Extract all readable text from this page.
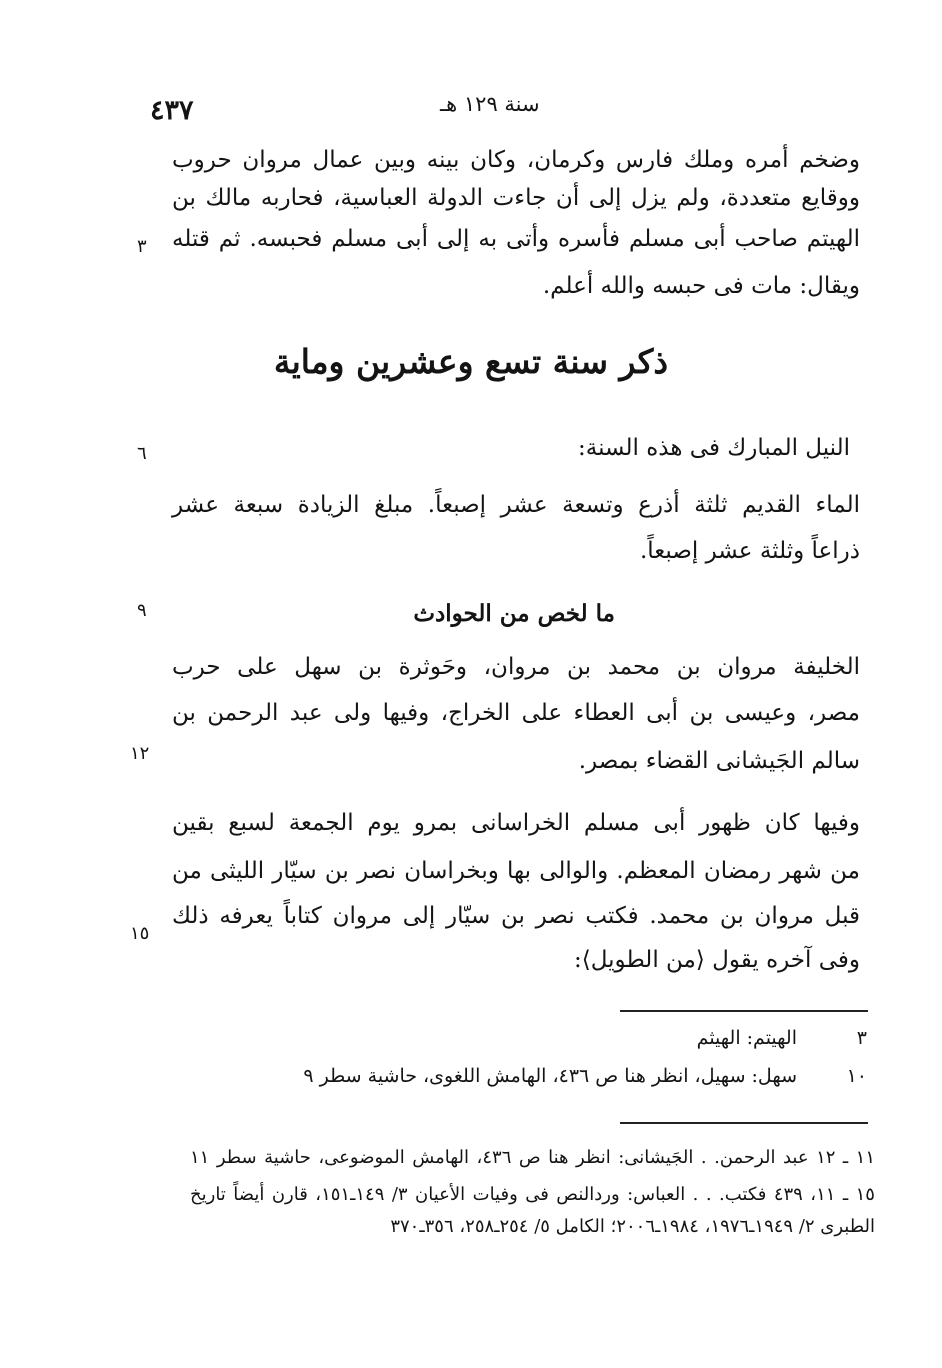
٤٣٧	سنة ١٢٩ هـ
وضخم أمره وملك فارس وكرمان، وكان بينه وبين عمال مروان حروب
ووقايع متعددة، ولم يزل إلى أن جاءت الدولة العباسية، فحاربه مالك بن
الهيتم صاحب أبى مسلم فأسره وأتى به إلى أبى مسلم فحبسه. ثم قتله
ويقال: مات فى حبسه والله أعلم.
ذكر سنة تسع وعشرين وماية
النيل المبارك فى هذه السنة:
الماء القديم ثلثة أذرع وتسعة عشر إصبعاً. مبلغ الزيادة سبعة عشر
ذراعاً وثلثة عشر إصبعاً.
ما لخص من الحوادث
الخليفة مروان بن محمد بن مروان، وحَوثرة بن سهل على حرب
مصر، وعيسى بن أبى العطاء على الخراج، وفيها ولى عبد الرحمن بن
سالم الجَيشانى القضاء بمصر.
وفيها كان ظهور أبى مسلم الخراسانى بمرو يوم الجمعة لسبع بقين
من شهر رمضان المعظم. والوالى بها وبخراسان نصر بن سيّار الليثى من
قبل مروان بن محمد. فكتب نصر بن سيّار إلى مروان كتاباً يعرفه ذلك
وفى آخره يقول ⟨من الطويل⟩:
٣
٦
٩
١٢
١٥
٣
الهيتم: الهيثم
١٠
سهل: سهيل، انظر هنا ص ٤٣٦، الهامش اللغوى، حاشية سطر ٩
١١ ـ ١٢ عبد الرحمن. . الجَيشانى: انظر هنا ص ٤٣٦، الهامش الموضوعى، حاشية سطر ١١
١٥ ـ ١١، ٤٣٩ فكتب. . . العباس: وردالنص فى وفيات الأعيان ٣/ ١٤٩ـ١٥١، قارن أيضاً تاريخ
الطبرى ٢/ ١٩٤٩ـ١٩٧٦، ١٩٨٤ـ٢٠٠٦؛ الكامل ٥/ ٢٥٤ـ٢٥٨، ٣٥٦ـ٣٧٠
